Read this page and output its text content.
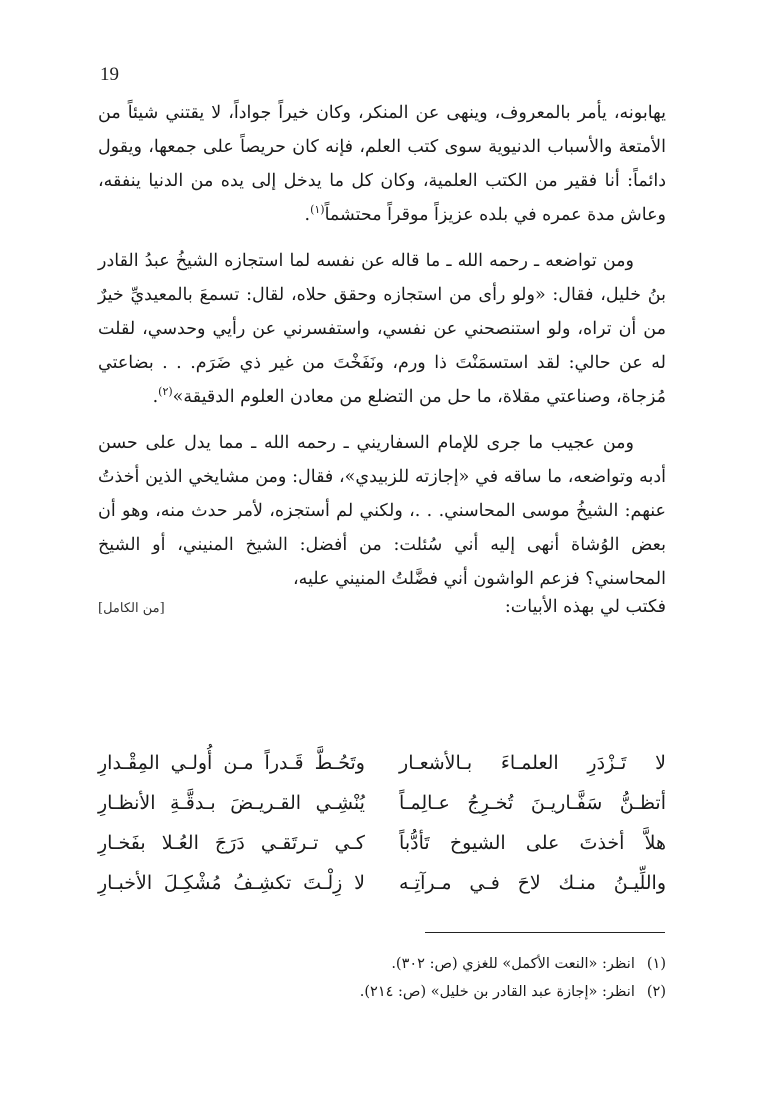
19

يهابونه، يأمر بالمعروف، وينهى عن المنكر، وكان خيراً جواداً، لا يقتني شيئاً من الأمتعة والأسباب الدنيوية سوى كتب العلم، فإنه كان حريصاً على جمعها، ويقول دائماً: أنا فقير من الكتب العلمية، وكان كل ما يدخل إلى يده من الدنيا ينفقه، وعاش مدة عمره في بلده عزيزاً موقراً محتشماً$^{(١)}$.

ومن تواضعه ـ رحمه الله ـ ما قاله عن نفسه لما استجازه الشيخُ عبدُ القادر بنُ خليل، فقال: «ولو رأى من استجازه وحقق حلاه، لقال: تسمعَ بالمعيديِّ خيرٌ من أن تراه، ولو استنصحني عن نفسي، واستفسرني عن رأيي وحدسي، لقلت له عن حالي: لقد استسمَنْتَ ذا ورم، ونَفَخْتَ من غير ذي ضَرَم. . . بضاعتي مُزجاة، وصناعتي مقلاة، ما حل من التضلع من معادن العلوم الدقيقة»$^{(٢)}$.

ومن عجيب ما جرى للإمام السفاريني ـ رحمه الله ـ مما يدل على حسن أدبه وتواضعه، ما ساقه في «إجازته للزبيدي»، فقال: ومن مشايخي الذين أخذتُ عنهم: الشيخُ موسى المحاسني. . .، ولكني لم أستجزه، لأمر حدث منه، وهو أن بعض الوُشاة أنهى إليه أني سُئلت: من أفضل: الشيخ المنيني، أو الشيخ المحاسني؟ فزعم الواشون أني فضَّلتُ المنيني عليه،

فكتب لي بهذه الأبيات:
[من الكامل]
لا تَـزْدَرِ العلمـاءَ بـالأشعـار
وتَحُـطَّ قَـدراً مـن أُولـي المِقْـدارِ
أتظـنُّ سَفَّـاريـنَ تُخـرِجُ عـالِمـاً
يُنْشِـي القـريـضَ بـدقَّـةِ الأنظـارِ
هلاَّ أخذتَ على الشيوخ تَأدُّباً
كـي تـرتَقـي دَرَجَ العُـلا بفَخـارِ
واللِّيـنُ منـك لاحَ فـي مـرآتِـه
لا زِلْـتَ تكشِـفُ مُشْكِـلَ الأخبـارِ
(١)انظر: «النعت الأكمل» للغزي (ص: ٣٠٢).
(٢)انظر: «إجازة عبد القادر بن خليل» (ص: ٢١٤).
